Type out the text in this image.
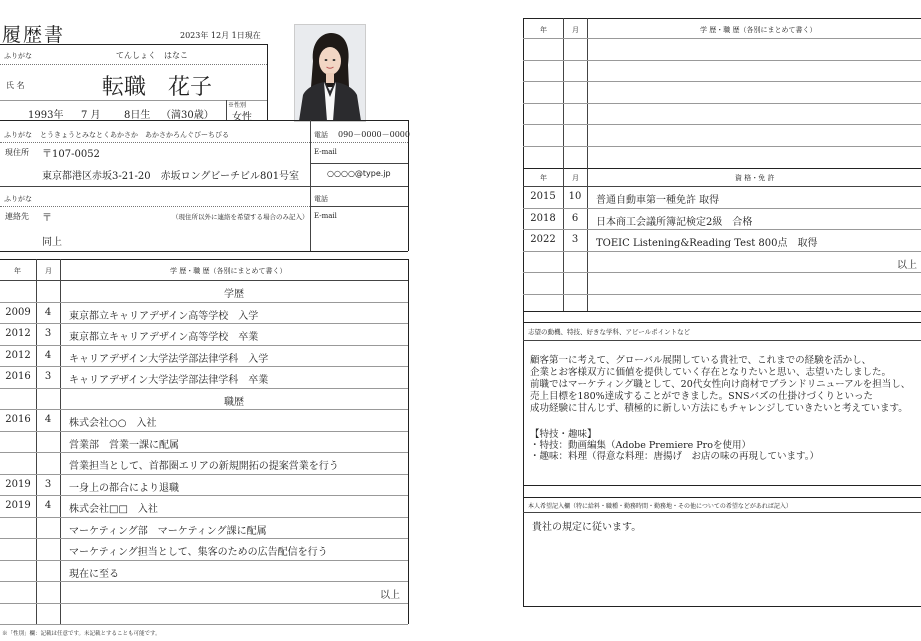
履歴書	2023年 12月 1日現在
ふりがな	てんしょく　はなこ
氏 名	転職　花子
1993年 7 月 8日生 （満30歳）
※性別
女性
ふりがな とうきょうとみなとくあかさか　あかさかろんぐびーちびる	電話 090－0000－0000
現住所 〒107-0052	E-mail
東京都港区赤坂3-21-20　赤坂ロングビーチビル801号室	○○○○@type.jp
ふりがな	電話
連絡先 〒	（現住所以外に連絡を希望する場合のみ記入） E-mail
同上
年	月	学 歴・職 歴（各別にまとめて書く）
学歴
2009	4	東京都立キャリアデザイン高等学校　入学
2012	3	東京都立キャリアデザイン高等学校　卒業
2012	4	キャリアデザイン大学法学部法律学科　入学
2016	3	キャリアデザイン大学法学部法律学科　卒業
職歴
2016	4	株式会社○○　入社
営業部　営業一課に配属
営業担当として、首都圏エリアの新規開拓の提案営業を行う
2019	3	一身上の都合により退職
2019	4	株式会社□□　入社
マーケティング部　マーケティング課に配属
マーケティング担当として、集客のための広告配信を行う
現在に至る
以上
※「性別」欄：記載は任意です。未記載とすることも可能です。
年	月	学 歴・職 歴（各別にまとめて書く）
年	月	資 格・免 許
2015	10	普通自動車第一種免許 取得
2018	6	日本商工会議所簿記検定2級　合格
2022	3	TOEIC Listening&Reading Test 800点　取得
以上
志望の動機、特技、好きな学科、アピールポイントなど
顧客第一に考えて、グローバル展開している貴社で、これまでの経験を活かし、
企業とお客様双方に価値を提供していく存在となりたいと思い、志望いたしました。
前職ではマーケティング職として、20代女性向け商材でブランドリニューアルを担当し、
売上目標を180%達成することができました。SNSバズの仕掛けづくりといった
成功経験に甘んじず、積極的に新しい方法にもチャレンジしていきたいと考えています。
【特技・趣味】
・特技：動画編集（Adobe Premiere Proを使用）
・趣味：料理（得意な料理：唐揚げ　お店の味の再現しています。）
本人希望記入欄（特に給料・職種・勤務時間・勤務地・その他についての希望などがあれば記入）
貴社の規定に従います。
